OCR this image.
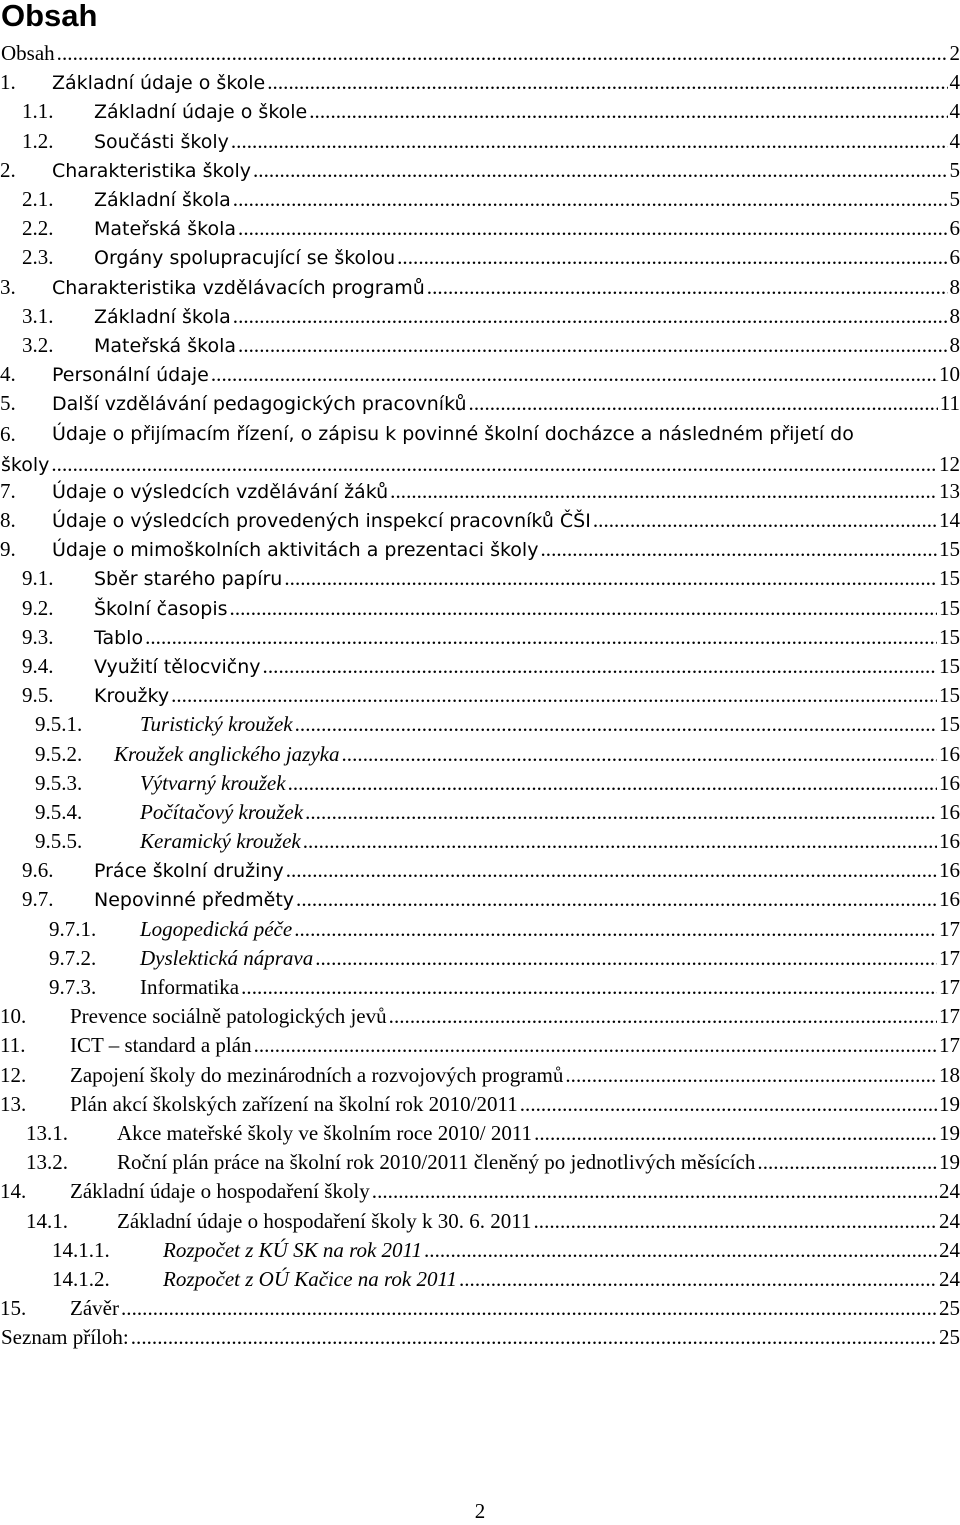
Obsah
Obsah . . .	2
1. Základní údaje o škole . . .	4
1.1. Základní údaje o škole . . .	4
1.2. Součásti školy . . .	4
2. Charakteristika školy . . .	5
2.1. Základní škola . . .	5
2.2. Mateřská škola . . .	6
2.3. Orgány spolupracující se školou . . .	6
3. Charakteristika vzdělávacích programů . . .	8
3.1. Základní škola . . .	8
3.2. Mateřská škola . . .	8
4. Personální údaje . . .	10
5. Další vzdělávání pedagogických pracovníků . . .	11
6. Údaje o přijímacím řízení, o zápisu k povinné školní docházce a následném přijetí do
školy . . .	12
7. Údaje o výsledcích vzdělávání žáků . . .	13
8. Údaje o výsledcích provedených inspekcí pracovníků ČŠI . . .	14
9. Údaje o mimoškolních aktivitách a prezentaci školy . . .	15
9.1. Sběr starého papíru . . .	15
9.2. Školní časopis . . .	15
9.3. Tablo . . .	15
9.4. Využití tělocvičny . . .	15
9.5. Kroužky . . .	15
9.5.1.	Turistický kroužek . . .	15
9.5.2. Kroužek anglického jazyka . . .	16
9.5.3.	Výtvarný kroužek . . .	16
9.5.4.	Počítačový kroužek . . .	16
9.5.5.	Keramický kroužek . . .	16
9.6. Práce školní družiny . . .	16
9.7. Nepovinné předměty . . .	16
9.7.1. Logopedická péče . . .	17
9.7.2. Dyslektická náprava . . .	17
9.7.3. Informatika . . .	17
10. Prevence sociálně patologických jevů . . .	17
11. ICT – standard a plán . . .	17
12. Zapojení školy do mezinárodních a rozvojových programů . . .	18
13. Plán akcí školských zařízení na školní rok 2010/2011 . . .	19
13.1. Akce mateřské školy ve školním roce 2010/ 2011 . . .	19
13.2. Roční plán práce na školní rok 2010/2011 členěný po jednotlivých měsících . . .	19
14. Základní údaje o hospodaření školy . . .	24
14.1. Základní údaje o hospodaření školy k 30. 6. 2011 . . .	24
14.1.1.	Rozpočet z KÚ SK na rok 2011 . . .	24
14.1.2.	Rozpočet z OÚ Kačice na rok 2011 . . .	24
15. Závěr . . .	25
Seznam příloh: . . .	25
2
